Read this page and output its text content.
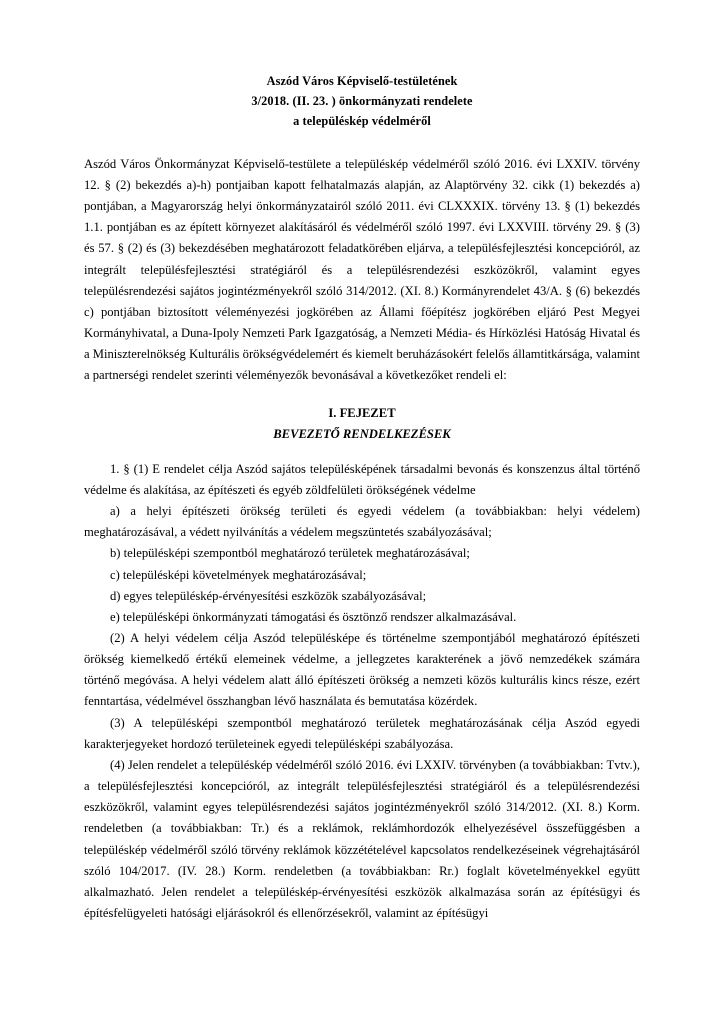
Aszód Város Képviselő-testületének
3/2018. (II. 23. ) önkormányzati rendelete
a településkép védelméről

Aszód Város Önkormányzat Képviselő-testülete a településkép védelméről szóló 2016. évi LXXIV. törvény 12. § (2) bekezdés a)-h) pontjaiban kapott felhatalmazás alapján, az Alaptörvény 32. cikk (1) bekezdés a) pontjában, a Magyarország helyi önkormányzatairól szóló 2011. évi CLXXXIX. törvény 13. § (1) bekezdés 1.1. pontjában es az épített környezet alakításáról és védelméről szóló 1997. évi LXXVIII. törvény 29. § (3) és 57. § (2) és (3) bekezdésében meghatározott feladatkörében eljárva, a településfejlesztési koncepcióról, az integrált településfejlesztési stratégiáról és a településrendezési eszközökről, valamint egyes településrendezési sajátos jogintézményekről szóló 314/2012. (XI. 8.) Kormányrendelet 43/A. § (6) bekezdés c) pontjában biztosított véleményezési jogkörében az Állami főépítész jogkörében eljáró Pest Megyei Kormányhivatal, a Duna-Ipoly Nemzeti Park Igazgatóság, a Nemzeti Média- és Hírközlési Hatóság Hivatal és a Miniszterelnökség Kulturális örökségvédelemért és kiemelt beruházásokért felelős államtitkársága, valamint a partnerségi rendelet szerinti véleményezők bevonásával a következőket rendeli el:

I. FEJEZET
BEVEZETŐ RENDELKEZÉSEK

1. § (1) E rendelet célja Aszód sajátos településképének társadalmi bevonás és konszenzus által történő védelme és alakítása, az építészeti és egyéb zöldfelületi örökségének védelme

a) a helyi építészeti örökség területi és egyedi védelem (a továbbiakban: helyi védelem) meghatározásával, a védett nyilvánítás a védelem megszüntetés szabályozásával;

b) településképi szempontból meghatározó területek meghatározásával;

c) településképi követelmények meghatározásával;

d) egyes településkép-érvényesítési eszközök szabályozásával;

e) településképi önkormányzati támogatási és ösztönző rendszer alkalmazásával.

(2) A helyi védelem célja Aszód településképe és történelme szempontjából meghatározó építészeti örökség kiemelkedő értékű elemeinek védelme, a jellegzetes karakterének a jövő nemzedékek számára történő megóvása. A helyi védelem alatt álló építészeti örökség a nemzeti közös kulturális kincs része, ezért fenntartása, védelmével összhangban lévő használata és bemutatása közérdek.

(3) A településképi szempontból meghatározó területek meghatározásának célja Aszód egyedi karakterjegyeket hordozó területeinek egyedi településképi szabályozása.

(4) Jelen rendelet a településkép védelméről szóló 2016. évi LXXIV. törvényben (a továbbiakban: Tvtv.), a településfejlesztési koncepcióról, az integrált településfejlesztési stratégiáról és a településrendezési eszközökről, valamint egyes településrendezési sajátos jogintézményekről szóló 314/2012. (XI. 8.) Korm. rendeletben (a továbbiakban: Tr.) és a reklámok, reklámhordozók elhelyezésével összefüggésben a településkép védelméről szóló törvény reklámok közzétételével kapcsolatos rendelkezéseinek végrehajtásáról szóló 104/2017. (IV. 28.) Korm. rendeletben (a továbbiakban: Rr.) foglalt követelményekkel együtt alkalmazható. Jelen rendelet a településkép-érvényesítési eszközök alkalmazása során az építésügyi és építésfelügyeleti hatósági eljárásokról és ellenőrzésekről, valamint az építésügyi
